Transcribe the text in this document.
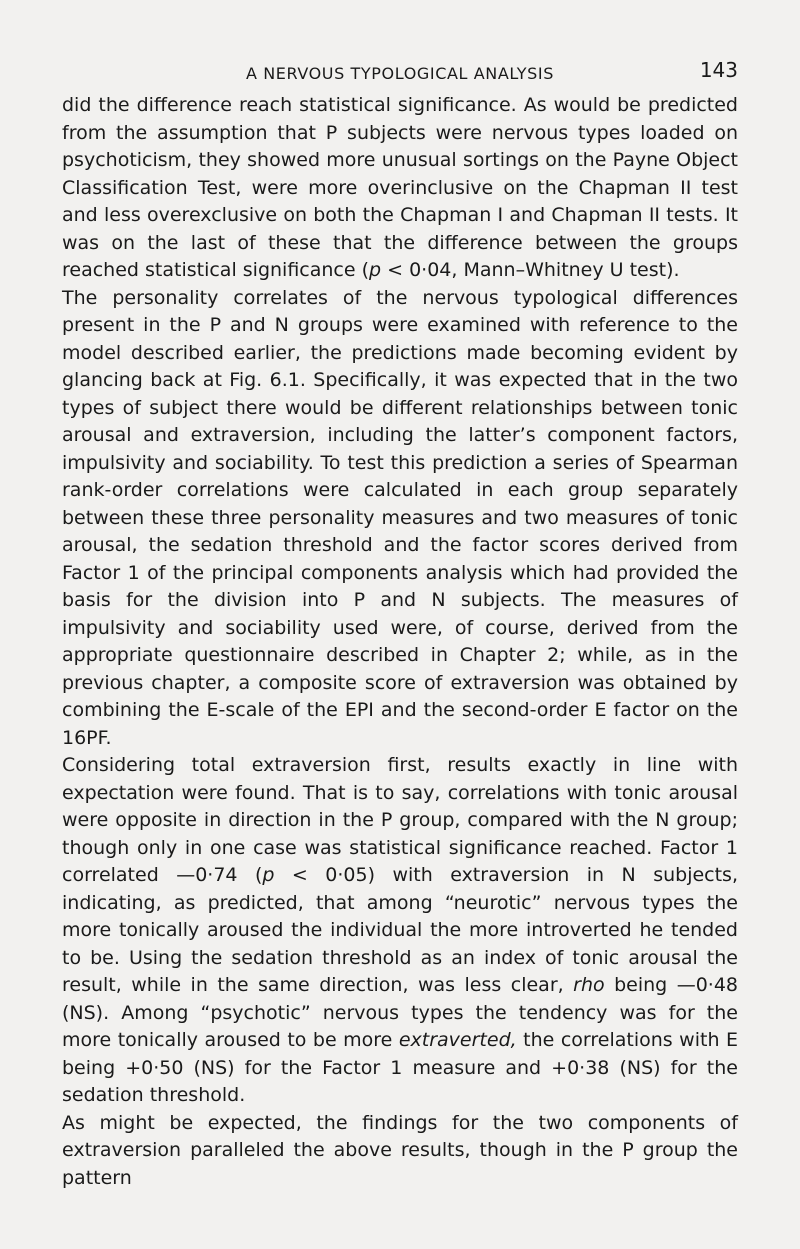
A NERVOUS TYPOLOGICAL ANALYSIS	143

did the difference reach statistical significance. As would be predicted from the assumption that P subjects were nervous types loaded on psychoticism, they showed more unusual sortings on the Payne Object Classification Test, were more overinclusive on the Chapman II test and less overexclusive on both the Chapman I and Chapman II tests. It was on the last of these that the difference between the groups reached statistical significance (p < 0·04, Mann–Whitney U test).

The personality correlates of the nervous typological differences present in the P and N groups were examined with reference to the model described earlier, the predictions made becoming evident by glancing back at Fig. 6.1. Specifically, it was expected that in the two types of subject there would be different relationships between tonic arousal and extraversion, including the latter’s component factors, impulsivity and sociability. To test this prediction a series of Spearman rank-order correlations were calculated in each group separately between these three personality measures and two measures of tonic arousal, the sedation threshold and the factor scores derived from Factor 1 of the principal components analysis which had provided the basis for the division into P and N subjects. The measures of impulsivity and sociability used were, of course, derived from the appropriate questionnaire described in Chapter 2; while, as in the previous chapter, a composite score of extraversion was obtained by combining the E-scale of the EPI and the second-order E factor on the 16PF.

Considering total extraversion first, results exactly in line with expectation were found. That is to say, correlations with tonic arousal were opposite in direction in the P group, compared with the N group; though only in one case was statistical significance reached. Factor 1 correlated —0·74 (p < 0·05) with extraversion in N subjects, indicating, as predicted, that among “neurotic” nervous types the more tonically aroused the individual the more introverted he tended to be. Using the sedation threshold as an index of tonic arousal the result, while in the same direction, was less clear, rho being —0·48 (NS). Among “psychotic” nervous types the tendency was for the more tonically aroused to be more extraverted, the correlations with E being +0·50 (NS) for the Factor 1 measure and +0·38 (NS) for the sedation threshold.

As might be expected, the findings for the two components of extraversion paralleled the above results, though in the P group the pattern
